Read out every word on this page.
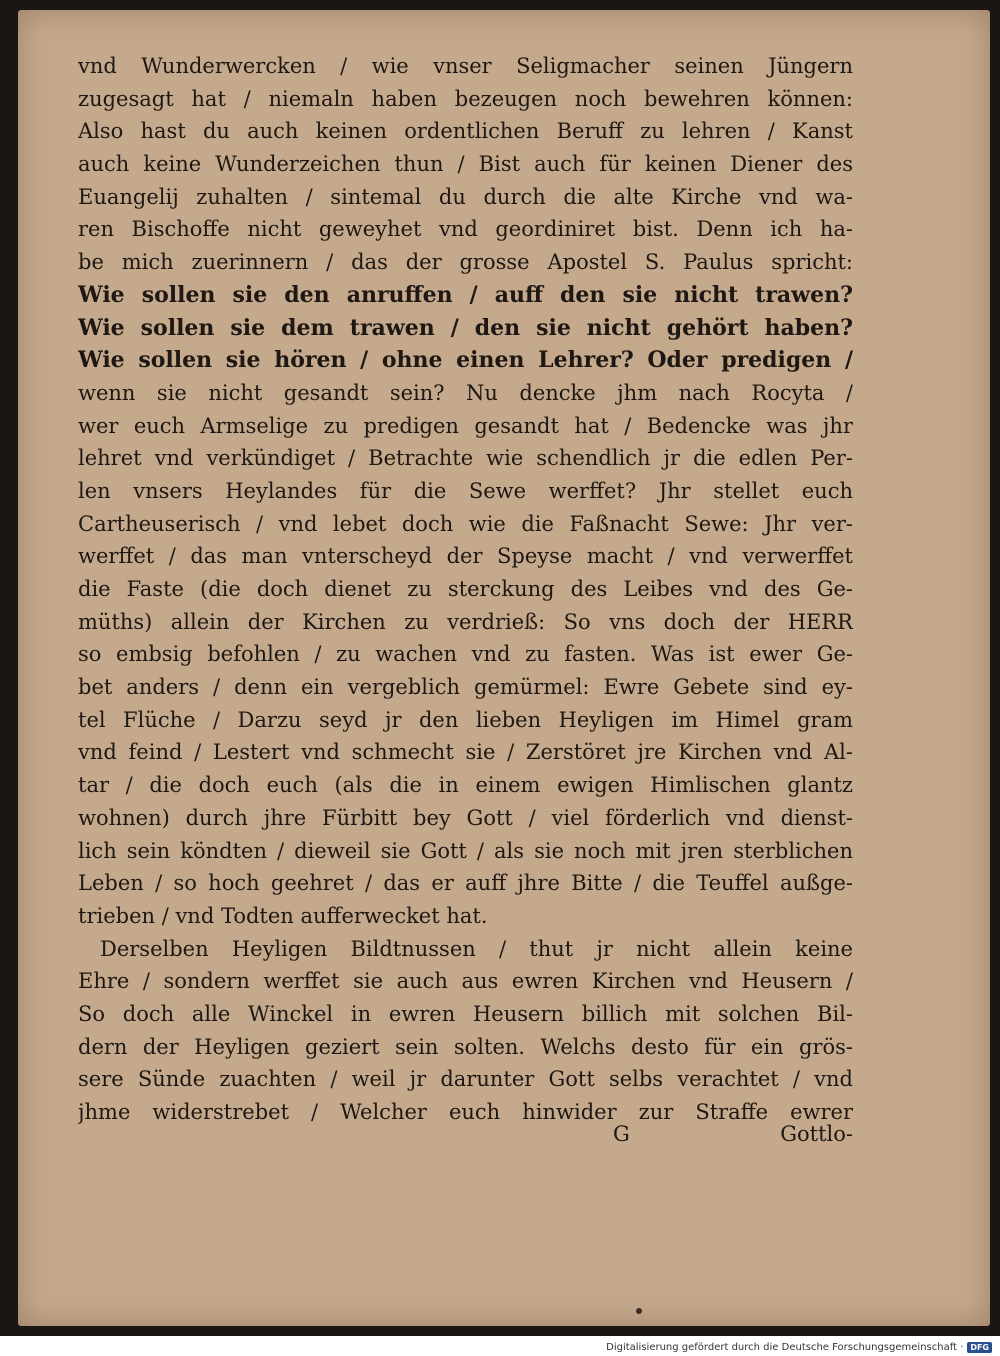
vnd Wunderwercken / wie vnser Seligmacher seinen Jüngern
zugesagt hat / niemaln haben bezeugen noch bewehren können:
Also hast du auch keinen ordentlichen Beruff zu lehren / Kanst
auch keine Wunderzeichen thun / Bist auch für keinen Diener des
Euangelij zuhalten / sintemal du durch die alte Kirche vnd wa-
ren Bischoffe nicht geweyhet vnd geordiniret bist. Denn ich ha-
be mich zuerinnern / das der grosse Apostel S. Paulus spricht:
Wie sollen sie den anruffen / auff den sie nicht trawen?
Wie sollen sie dem trawen / den sie nicht gehört haben?
Wie sollen sie hören / ohne einen Lehrer? Oder predigen /
wenn sie nicht gesandt sein? Nu dencke jhm nach Rocyta /
wer euch Armselige zu predigen gesandt hat / Bedencke was jhr
lehret vnd verkündiget / Betrachte wie schendlich jr die edlen Per-
len vnsers Heylandes für die Sewe werffet? Jhr stellet euch
Cartheuserisch / vnd lebet doch wie die Faßnacht Sewe: Jhr ver-
werffet / das man vnterscheyd der Speyse macht / vnd verwerffet
die Faste (die doch dienet zu sterckung des Leibes vnd des Ge-
müths) allein der Kirchen zu verdrieß: So vns doch der HERR
so embsig befohlen / zu wachen vnd zu fasten. Was ist ewer Ge-
bet anders / denn ein vergeblich gemürmel: Ewre Gebete sind ey-
tel Flüche / Darzu seyd jr den lieben Heyligen im Himel gram
vnd feind / Lestert vnd schmecht sie / Zerstöret jre Kirchen vnd Al-
tar / die doch euch (als die in einem ewigen Himlischen glantz
wohnen) durch jhre Fürbitt bey Gott / viel förderlich vnd dienst-
lich sein köndten / dieweil sie Gott / als sie noch mit jren sterblichen
Leben / so hoch geehret / das er auff jhre Bitte / die Teuffel außge-
trieben / vnd Todten aufferwecket hat.
Derselben Heyligen Bildtnussen / thut jr nicht allein keine
Ehre / sondern werffet sie auch aus ewren Kirchen vnd Heusern /
So doch alle Winckel in ewren Heusern billich mit solchen Bil-
dern der Heyligen geziert sein solten. Welchs desto für ein grös-
sere Sünde zuachten / weil jr darunter Gott selbs verachtet / vnd
jhme widerstrebet / Welcher euch hinwider zur Straffe ewrer
G	Gottlo-
Digitalisierung gefördert durch die Deutsche Forschungsgemeinschaft · DFG
